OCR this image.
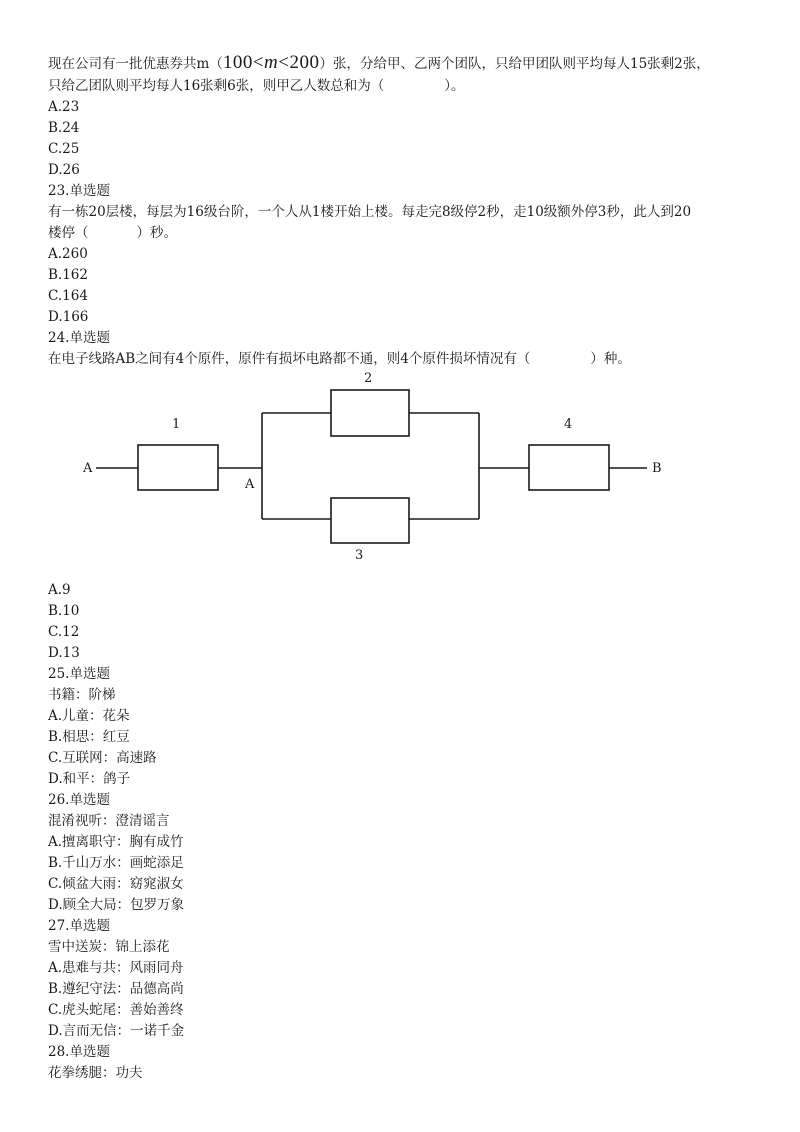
现在公司有一批优惠券共m（100<m<200）张，分给甲、乙两个团队，只给甲团队则平均每人15张剩2张，
只给乙团队则平均每人16张剩6张，则甲乙人数总和为（	）。
A.23
B.24
C.25
D.26
23.单选题
有一栋20层楼，每层为16级台阶，一个人从1楼开始上楼。每走完8级停2秒，走10级额外停3秒，此人到20
楼停（	）秒。
A.260
B.162
C.164
D.166
24.单选题
在电子线路AB之间有4个原件，原件有损坏电路都不通，则4个原件损坏情况有（	）种。
A
A
B
1
2
3
4
A.9
B.10
C.12
D.13
25.单选题
书籍：阶梯
A.儿童：花朵
B.相思：红豆
C.互联网：高速路
D.和平：鸽子
26.单选题
混淆视听：澄清谣言
A.擅离职守：胸有成竹
B.千山万水：画蛇添足
C.倾盆大雨：窈窕淑女
D.顾全大局：包罗万象
27.单选题
雪中送炭：锦上添花
A.患难与共：风雨同舟
B.遵纪守法：品德高尚
C.虎头蛇尾：善始善终
D.言而无信：一诺千金
28.单选题
花拳绣腿：功夫
